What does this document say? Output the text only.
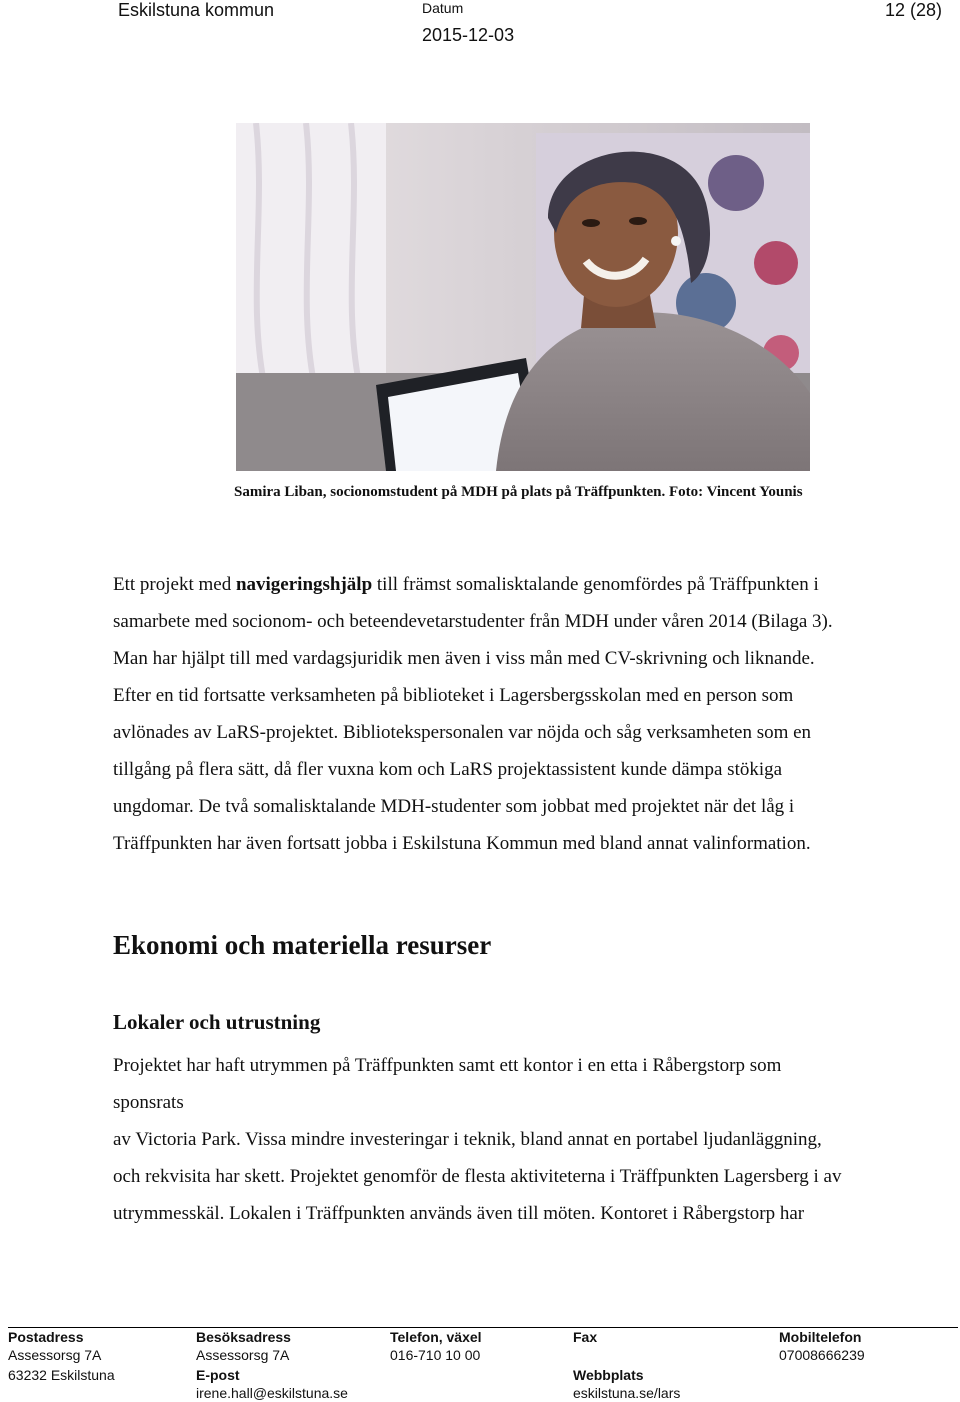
Eskilstuna kommun	Datum
2015-12-03
12 (28)
Samira Liban, socionomstudent på MDH på plats på Träffpunkten. Foto: Vincent Younis

Ett projekt med navigeringshjälp till främst somalisktalande genomfördes på Träffpunkten i
samarbete med socionom- och beteendevetarstudenter från MDH under våren 2014 (Bilaga 3).
Man har hjälpt till med vardagsjuridik men även i viss mån med CV-skrivning och liknande.
Efter en tid fortsatte verksamheten på biblioteket i Lagersbergsskolan med en person som
avlönades av LaRS-projektet. Bibliotekspersonalen var nöjda och såg verksamheten som en
tillgång på flera sätt, då fler vuxna kom och LaRS projektassistent kunde dämpa stökiga
ungdomar. De två somalisktalande MDH-studenter som jobbat med projektet när det låg i
Träffpunkten har även fortsatt jobba i Eskilstuna Kommun med bland annat valinformation.

Ekonomi och materiella resurser
Lokaler och utrustning

Projektet har haft utrymmen på Träffpunkten samt ett kontor i en etta i Råbergstorp som
sponsrats
av Victoria Park. Vissa mindre investeringar i teknik, bland annat en portabel ljudanläggning,
och rekvisita har skett. Projektet genomför de flesta aktiviteterna i Träffpunkten Lagersberg i av
utrymmesskäl. Lokalen i Träffpunkten används även till möten. Kontoret i Råbergstorp har

Postadress
Assessorsg 7A
63232 Eskilstuna
Besöksadress
Assessorsg 7A
E-post
irene.hall@eskilstuna.se
Telefon, växel
016-710 10 00
Fax

Webbplats
eskilstuna.se/lars
Mobiltelefon
07008666239
